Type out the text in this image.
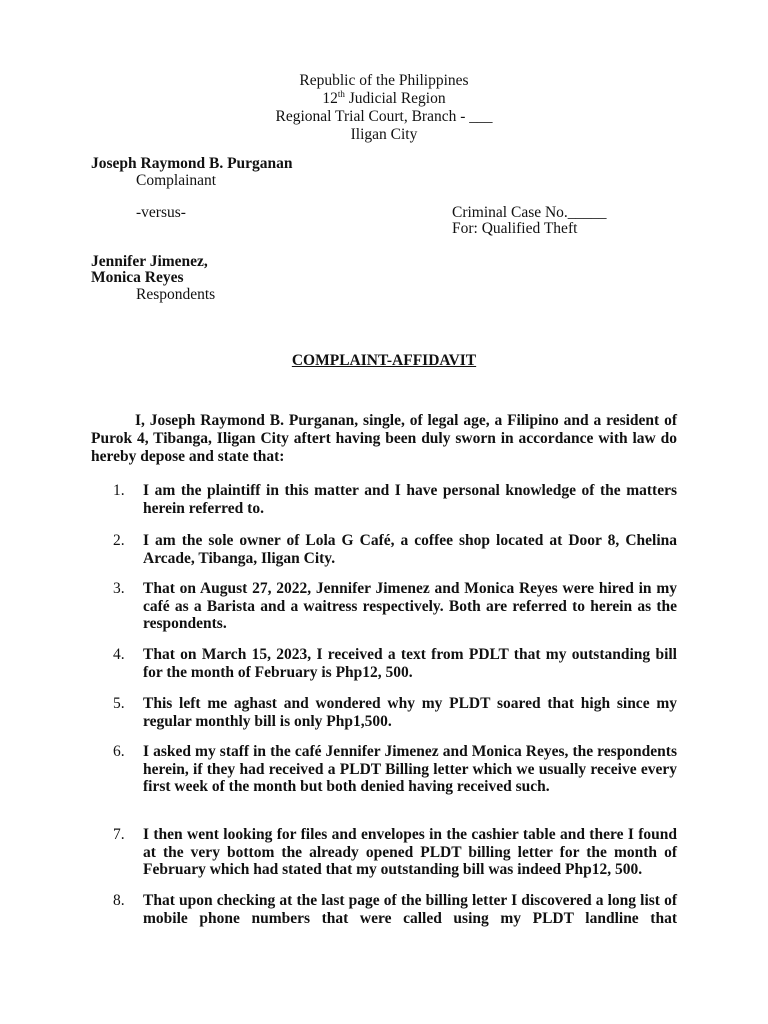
Republic of the Philippines
12th Judicial Region
Regional Trial Court, Branch - ___
Iligan City
Joseph Raymond B. Purganan
Complainant
-versus-	Criminal Case No._____
For: Qualified Theft
Jennifer Jimenez,
Monica Reyes
Respondents
COMPLAINT-AFFIDAVIT
I, Joseph Raymond B. Purganan, single, of legal age, a Filipino and a resident of Purok 4, Tibanga, Iligan City aftert having been duly sworn in accordance with law do hereby depose and state that:
1.	I am the plaintiff in this matter and I have personal knowledge of the matters herein referred to.
2.	I am the sole owner of Lola G Café, a coffee shop located at Door 8, Chelina Arcade, Tibanga, Iligan City.
3.	That on August 27, 2022, Jennifer Jimenez and Monica Reyes were hired in my café as a Barista and a waitress respectively. Both are referred to herein as the respondents.
4.	That on March 15, 2023, I received a text from PDLT that my outstanding bill for the month of February is Php12, 500.
5.	This left me aghast and wondered why my PLDT soared that high since my regular monthly bill is only Php1,500.
6.	I asked my staff in the café Jennifer Jimenez and Monica Reyes, the respondents herein, if they had received a PLDT Billing letter which we usually receive every first week of the month but both denied having received such.
7.	I then went looking for files and envelopes in the cashier table and there I found at the very bottom the already opened PLDT billing letter for the month of February which had stated that my outstanding bill was indeed Php12, 500.
8.	That upon checking at the last page of the billing letter I discovered a long list of mobile phone numbers that were called using my PLDT landline that
